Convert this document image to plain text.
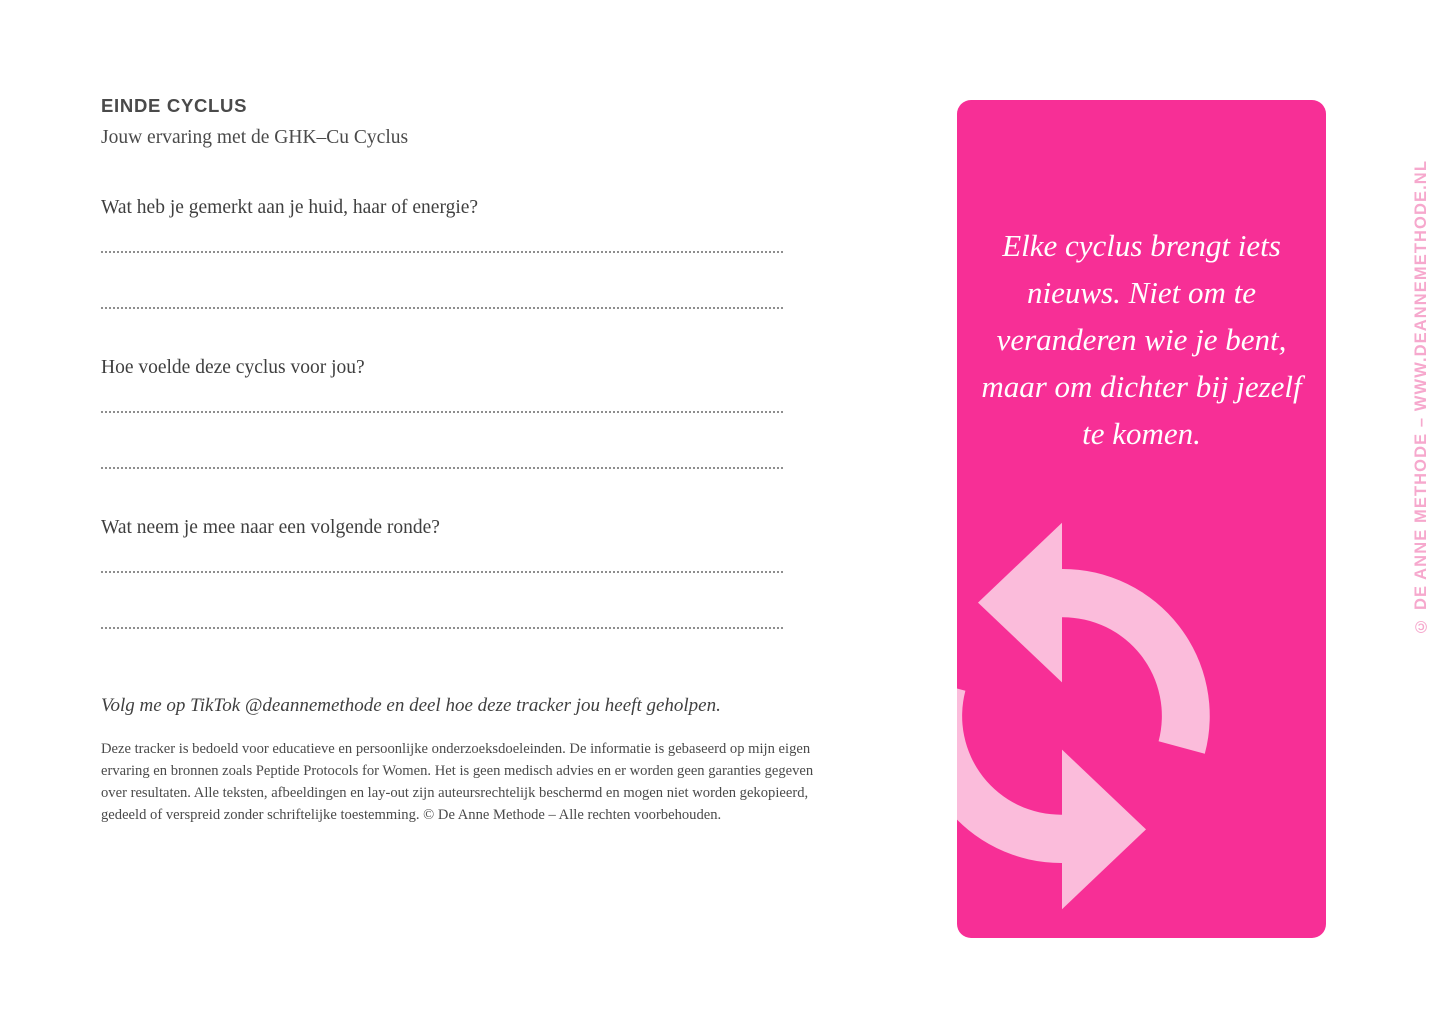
EINDE CYCLUS

Jouw ervaring met de GHK–Cu Cyclus

Wat heb je gemerkt aan je huid, haar of energie?

Hoe voelde deze cyclus voor jou?

Wat neem je mee naar een volgende ronde?

Volg me op TikTok @deannemethode en deel hoe deze tracker jou heeft geholpen.

Deze tracker is bedoeld voor educatieve en persoonlijke onderzoeksdoeleinden. De informatie is gebaseerd op mijn eigen ervaring en bronnen zoals Peptide Protocols for Women. Het is geen medisch advies en er worden geen garanties gegeven over resultaten. Alle teksten, afbeeldingen en lay-out zijn auteursrechtelijk beschermd en mogen niet worden gekopieerd, gedeeld of verspreid zonder schriftelijke toestemming. © De Anne Methode – Alle rechten voorbehouden.

Elke cyclus brengt iets nieuws. Niet om te veranderen wie je bent, maar om dichter bij jezelf te komen.	© DE ANNE METHODE – WWW.DEANNEMETHODE.NL
